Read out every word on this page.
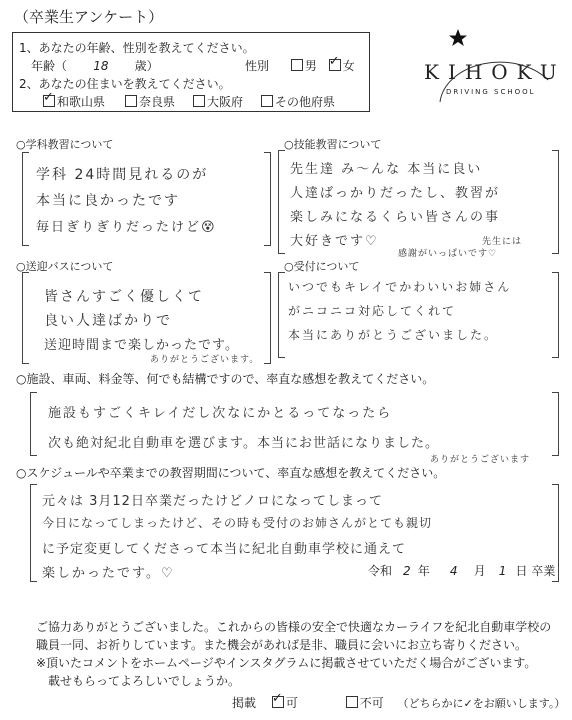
（卒業生アンケート）
1、あなたの年齢、性別を教えてください。
年齢（ 18 歳）	性別	男 ✓ 女
2、あなたの住まいを教えてください。
✓和歌山県	奈良県	大阪府	その他府県
KIHOKU
DRIVING SCHOOL
○学科教習について
学科 24時間見れるのが
本当に良かったです
毎日ぎりぎりだったけど😵
○技能教習について
先生達 み～んな 本当に良い
人達ばっかりだったし、教習が
楽しみになるくらい皆さんの事
大好きです♡	先生には
感謝がいっぱいです♡
○送迎バスについて
皆さんすごく優しくて
良い人達ばかりで
送迎時間まで楽しかったです。
ありがとうございます。
○受付について
いつでもキレイでかわいいお姉さん
がニコニコ対応してくれて
本当にありがとうございました。
○施設、車両、料金等、何でも結構ですので、率直な感想を教えてください。
施設もすごくキレイだし次なにかとるってなったら
次も絶対紀北自動車を選びます。本当にお世話になりました。
ありがとうございます
○スケジュールや卒業までの教習期間について、率直な感想を教えてください。
元々は 3月12日卒業だったけどノロになってしまって
今日になってしまったけど、その時も受付のお姉さんがとても親切
に予定変更してくださって本当に紀北自動車学校に通えて
楽しかったです。♡	令和 2 年 4 月 1 日 卒業
ご協力ありがとうございました。これからの皆様の安全で快適なカーライフを紀北自動車学校の
職員一同、お祈りしています。また機会があれば是非、職員に会いにお立ち寄りください。
※頂いたコメントをホームページやインスタグラムに掲載させていただく場合がございます。
載せもらってよろしいでしょうか。
掲載 ✓ 可	不可 （どちらかに✓をお願いします。）
